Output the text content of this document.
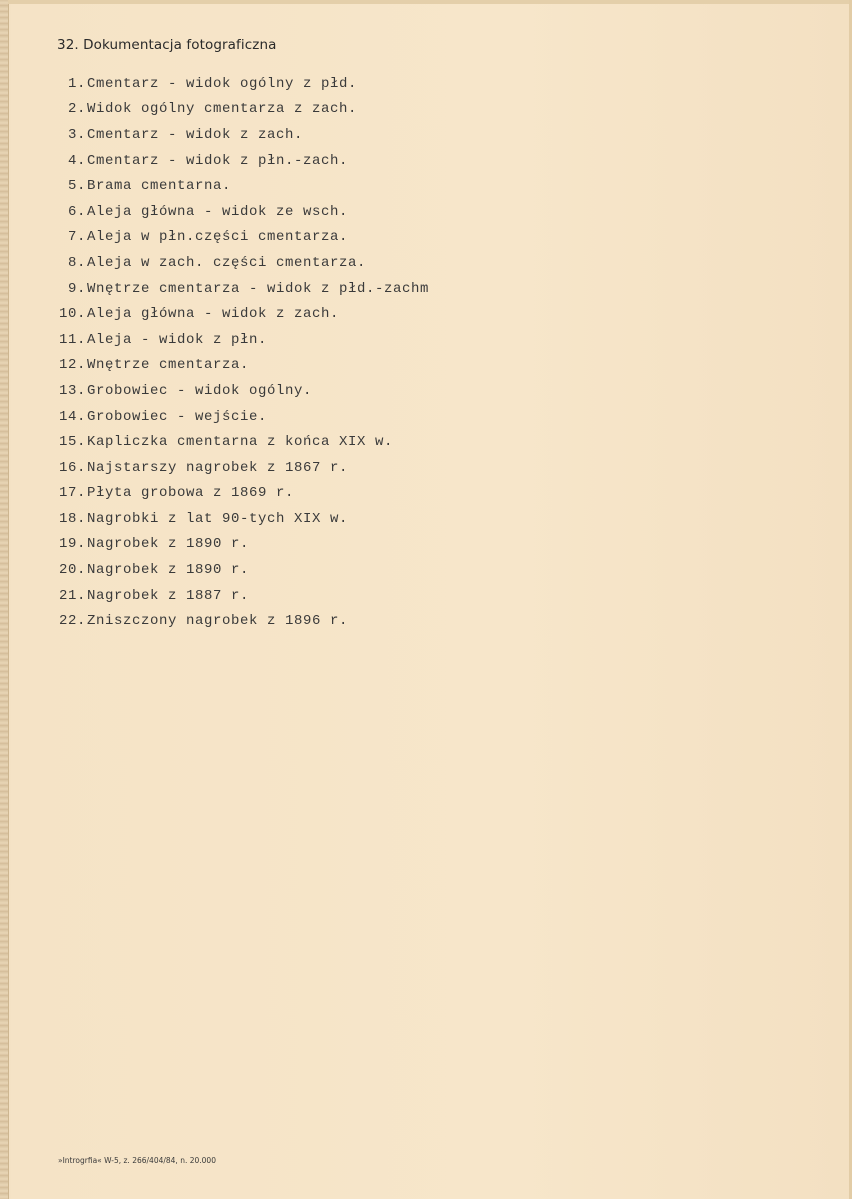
32. Dokumentacja fotograficzna
1. Cmentarz - widok ogólny z płd.
2. Widok ogólny cmentarza z zach.
3. Cmentarz - widok z zach.
4. Cmentarz - widok z płn.-zach.
5. Brama cmentarna.
6. Aleja główna - widok ze wsch.
7. Aleja w płn.części cmentarza.
8. Aleja w zach. części cmentarza.
9. Wnętrze cmentarza - widok z płd.-zachm
10. Aleja główna - widok z zach.
11. Aleja - widok z płn.
12. Wnętrze cmentarza.
13. Grobowiec - widok ogólny.
14. Grobowiec - wejście.
15. Kapliczka cmentarna z końca XIX w.
16. Najstarszy nagrobek z 1867 r.
17. Płyta grobowa z 1869 r.
18. Nagrobki z lat 90-tych XIX w.
19. Nagrobek z 1890 r.
20. Nagrobek z 1890 r.
21. Nagrobek z 1887 r.
22. Zniszczony nagrobek z 1896 r.
»Introgrfia« W-5, z. 266/404/84, n. 20.000
